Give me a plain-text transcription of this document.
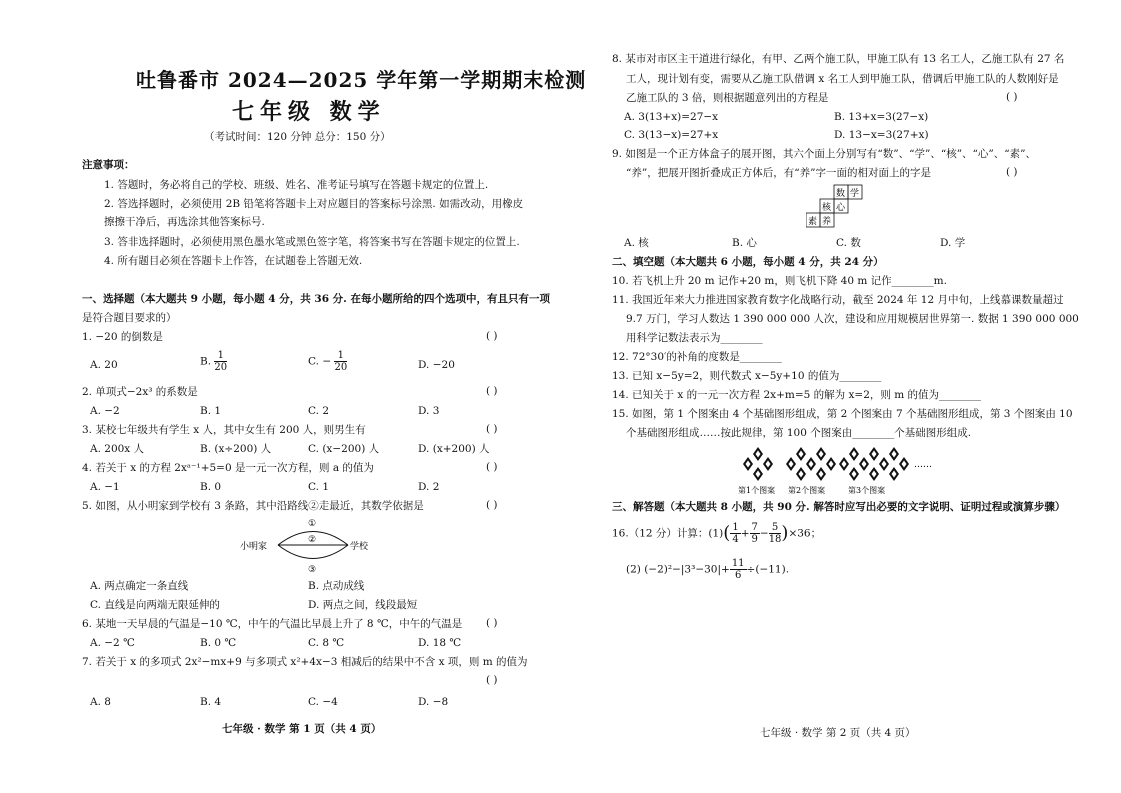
吐鲁番市 2024—2025 学年第一学期期末检测
七年级 数学
（考试时间：120 分钟 总分：150 分）
注意事项：
1. 答题时，务必将自己的学校、班级、姓名、准考证号填写在答题卡规定的位置上.
2. 答选择题时，必须使用 2B 铅笔将答题卡上对应题目的答案标号涂黑. 如需改动，用橡皮
擦擦干净后，再选涂其他答案标号.
3. 答非选择题时，必须使用黑色墨水笔或黑色签字笔，将答案书写在答题卡规定的位置上.
4. 所有题目必须在答题卡上作答，在试题卷上答题无效.
一、选择题（本大题共 9 小题，每小题 4 分，共 36 分. 在每小题所给的四个选项中，有且只有一项
是符合题目要求的）
1. −20 的倒数是	( )
A. 20	B. $\frac{1}{20}$	C. − $\frac{1}{20}$	D. −20
2. 单项式−2x³ 的系数是	( )
A. −2	B. 1	C. 2	D. 3
3. 某校七年级共有学生 x 人，其中女生有 200 人，则男生有	( )
A. 200x 人	B. (x÷200) 人	C. (x−200) 人	D. (x+200) 人
4. 若关于 x 的方程 2xᵃ⁻¹+5=0 是一元一次方程，则 a 的值为	( )
A. −1	B. 0	C. 1	D. 2
5. 如图，从小明家到学校有 3 条路，其中沿路线②走最近，其数学依据是	( )
小明家	学校
①
②
③
A. 两点确定一条直线	B. 点动成线
C. 直线是向两端无限延伸的	D. 两点之间，线段最短
6. 某地一天早晨的气温是−10 ℃，中午的气温比早晨上升了 8 ℃，中午的气温是 ( )
A. −2 ℃	B. 0 ℃	C. 8 ℃	D. 18 ℃
7. 若关于 x 的多项式 2x²−mx+9 与多项式 x²+4x−3 相减后的结果中不含 x 项，则 m 的值为
( )
A. 8	B. 4	C. −4	D. −8
七年级 · 数学 第 1 页（共 4 页）
8. 某市对市区主干道进行绿化，有甲、乙两个施工队，甲施工队有 13 名工人，乙施工队有 27 名
工人，现计划有变，需要从乙施工队借调 x 名工人到甲施工队，借调后甲施工队的人数刚好是
乙施工队的 3 倍，则根据题意列出的方程是	( )
A. 3(13+x)=27−x	B. 13+x=3(27−x)
C. 3(13−x)=27+x	D. 13−x=3(27+x)
9. 如图是一个正方体盒子的展开图，其六个面上分别写有“数”、“学”、“核”、“心”、“素”、
“养”，把展开图折叠成正方体后，有“养”字一面的相对面上的字是	( )
数 学
核 心
素 养
A. 核	B. 心	C. 数	D. 学
二、填空题（本大题共 6 小题，每小题 4 分，共 24 分）
10. 若飞机上升 20 m 记作+20 m，则飞机下降 40 m 记作________m.
11. 我国近年来大力推进国家教育数字化战略行动，截至 2024 年 12 月中旬，上线慕课数量超过
9.7 万门，学习人数达 1 390 000 000 人次，建设和应用规模居世界第一. 数据 1 390 000 000
用科学记数法表示为________
12. 72°30′的补角的度数是________
13. 已知 x−5y=2，则代数式 x−5y+10 的值为________
14. 已知关于 x 的一元一次方程 2x+m=5 的解为 x=2，则 m 的值为________
15. 如图，第 1 个图案由 4 个基础图形组成，第 2 个图案由 7 个基础图形组成，第 3 个图案由 10
个基础图形组成……按此规律，第 100 个图案由________个基础图形组成.
……
第1个图案 第2个图案	第3个图案
三、解答题（本大题共 8 小题，共 90 分. 解答时应写出必要的文字说明、证明过程或演算步骤）
16.（12 分）计算：$(1)( \frac{1}{4} + \frac{7}{9} - \frac{5}{18} )\times 36$；
(2) $(-2)^2-|3^3-30|+ \frac{11}{6} \div(-11)$.
七年级 · 数学 第 2 页（共 4 页）
